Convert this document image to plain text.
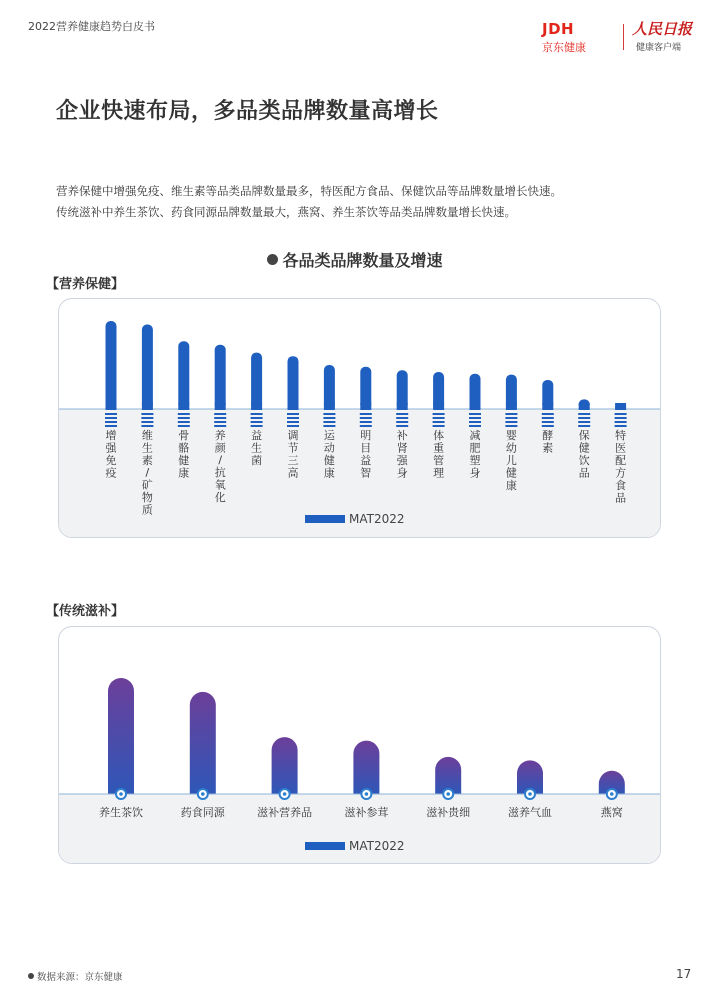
2022营养健康趋势白皮书	JDH
京东健康
人民日报
健康客户端
企业快速布局，多品类品牌数量高增长
营养保健中增强免疫、维生素等品类品牌数量最多，特医配方食品、保健饮品等品牌数量增长快速。
传统滋补中养生茶饮、药食同源品牌数量最大，燕窝、养生茶饮等品类品牌数量增长快速。
各品类品牌数量及增速
【营养保健】
增强免疫
维生素/矿物质
骨骼健康
养颜/抗氧化
益生菌
调节三高
运动健康
明目益智
补肾强身
体重管理
减肥塑身
婴幼儿健康
酵素
保健饮品
特医配方食品
MAT2022
【传统滋补】
养生茶饮	药食同源	滋补营养品	滋补参茸	滋补贵细	滋养气血	燕窝
MAT2022
数据来源：京东健康	17
